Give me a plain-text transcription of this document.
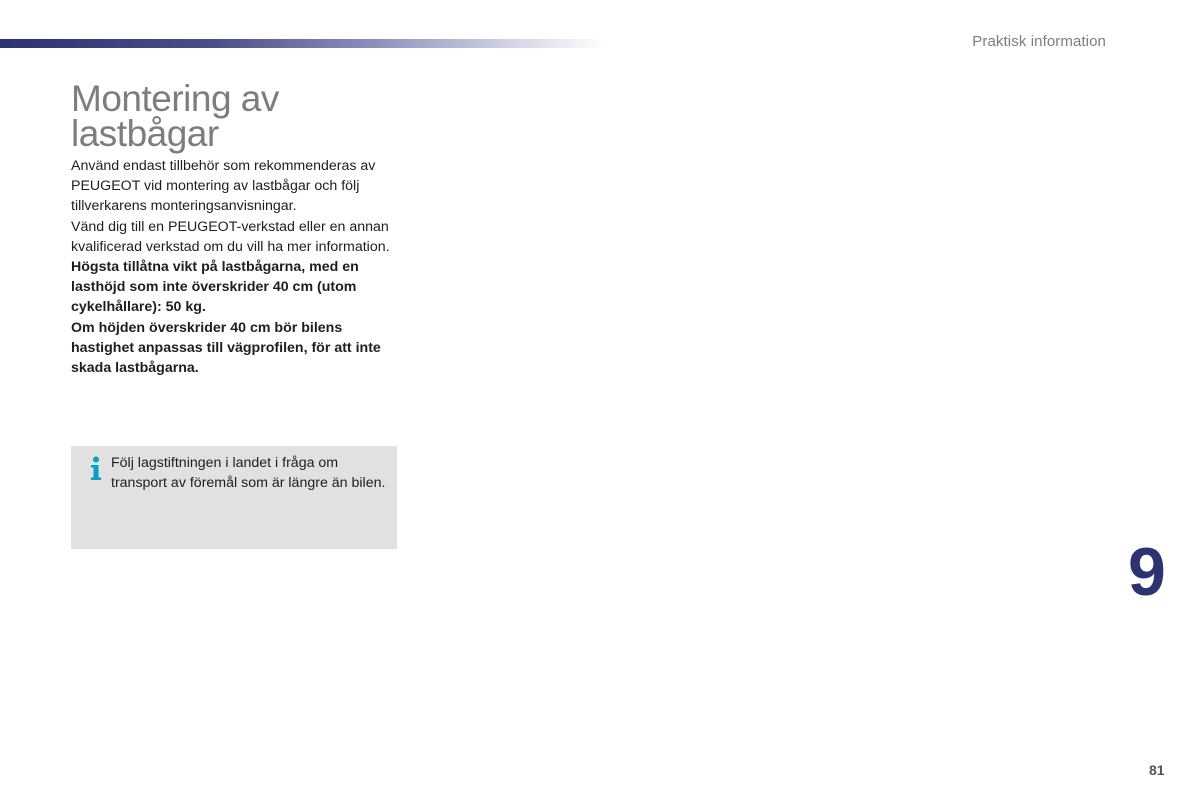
Praktisk information
Montering av lastbågar

Använd endast tillbehör som rekommenderas av PEUGEOT vid montering av lastbågar och följ tillverkarens monteringsanvisningar.

Vänd dig till en PEUGEOT-verkstad eller en annan kvalificerad verkstad om du vill ha mer information.

Högsta tillåtna vikt på lastbågarna, med en lasthöjd som inte överskrider 40 cm (utom cykelhållare): 50 kg.

Om höjden överskrider 40 cm bör bilens hastighet anpassas till vägprofilen, för att inte skada lastbågarna.

Följ lagstiftningen i landet i fråga om transport av föremål som är längre än bilen.
9
81
